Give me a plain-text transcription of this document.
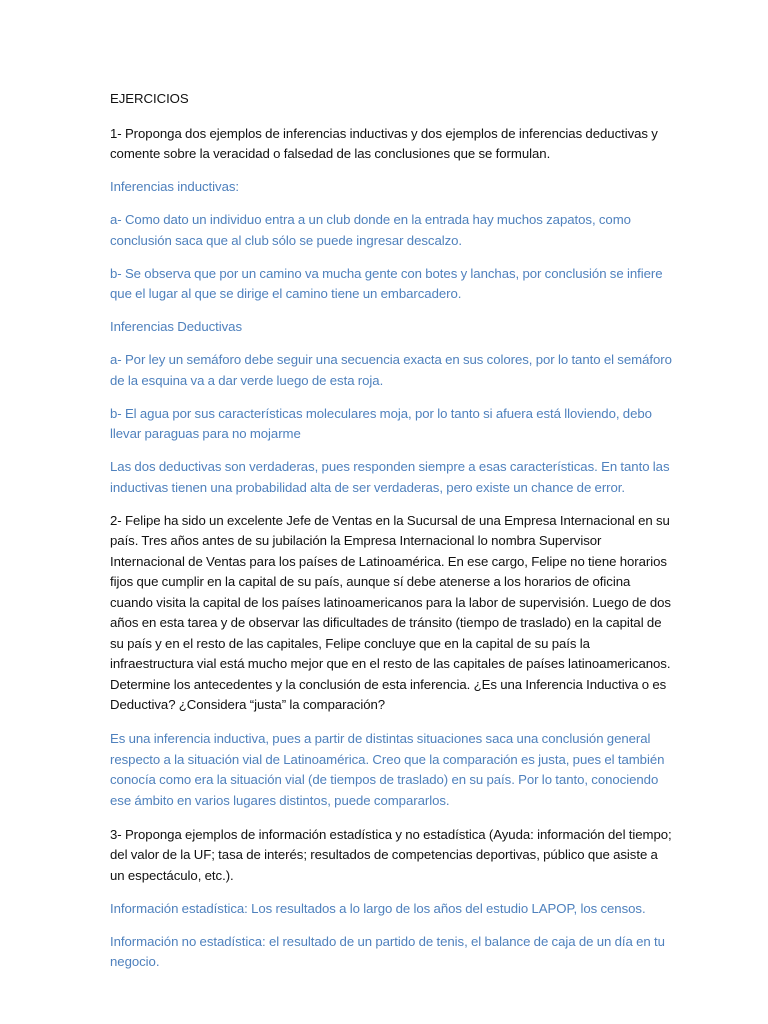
EJERCICIOS

1- Proponga dos ejemplos de inferencias inductivas y dos ejemplos de inferencias deductivas y comente sobre la veracidad o falsedad de las conclusiones que se formulan.

Inferencias inductivas:

a- Como dato un individuo entra a un club donde en la entrada hay muchos zapatos, como conclusión saca que al club sólo se puede ingresar descalzo.

b- Se observa que por un camino va mucha gente con botes y lanchas, por conclusión se infiere que el lugar al que se dirige el camino tiene un embarcadero.

Inferencias Deductivas

a- Por ley un semáforo debe seguir una secuencia exacta en sus colores, por lo tanto el semáforo de la esquina va a dar verde luego de esta roja.

b- El agua por sus características moleculares moja, por lo tanto si afuera está lloviendo, debo llevar paraguas para no mojarme

Las dos deductivas son verdaderas, pues responden siempre a esas características. En tanto las inductivas tienen una probabilidad alta de ser verdaderas, pero existe un chance de error.

2- Felipe ha sido un excelente Jefe de Ventas en la Sucursal de una Empresa Internacional en su país. Tres años antes de su jubilación la Empresa Internacional lo nombra Supervisor Internacional de Ventas para los países de Latinoamérica. En ese cargo, Felipe no tiene horarios fijos que cumplir en la capital de su país, aunque sí debe atenerse a los horarios de oficina cuando visita la capital de los países latinoamericanos para la labor de supervisión. Luego de dos años en esta tarea y de observar las dificultades de tránsito (tiempo de traslado) en la capital de su país y en el resto de las capitales, Felipe concluye que en la capital de su país la infraestructura vial está mucho mejor que en el resto de las capitales de países latinoamericanos. Determine los antecedentes y la conclusión de esta inferencia. ¿Es una Inferencia Inductiva o es Deductiva? ¿Considera “justa” la comparación?

Es una inferencia inductiva, pues a partir de distintas situaciones saca una conclusión general respecto a la situación vial de Latinoamérica. Creo que la comparación es justa, pues el también conocía como era la situación vial (de tiempos de traslado) en su país. Por lo tanto, conociendo ese ámbito en varios lugares distintos, puede compararlos.

3- Proponga ejemplos de información estadística y no estadística (Ayuda: información del tiempo; del valor de la UF; tasa de interés; resultados de competencias deportivas, público que asiste a un espectáculo, etc.).

Información estadística: Los resultados a lo largo de los años del estudio LAPOP, los censos.

Información no estadística: el resultado de un partido de tenis, el balance de caja de un día en tu negocio.
